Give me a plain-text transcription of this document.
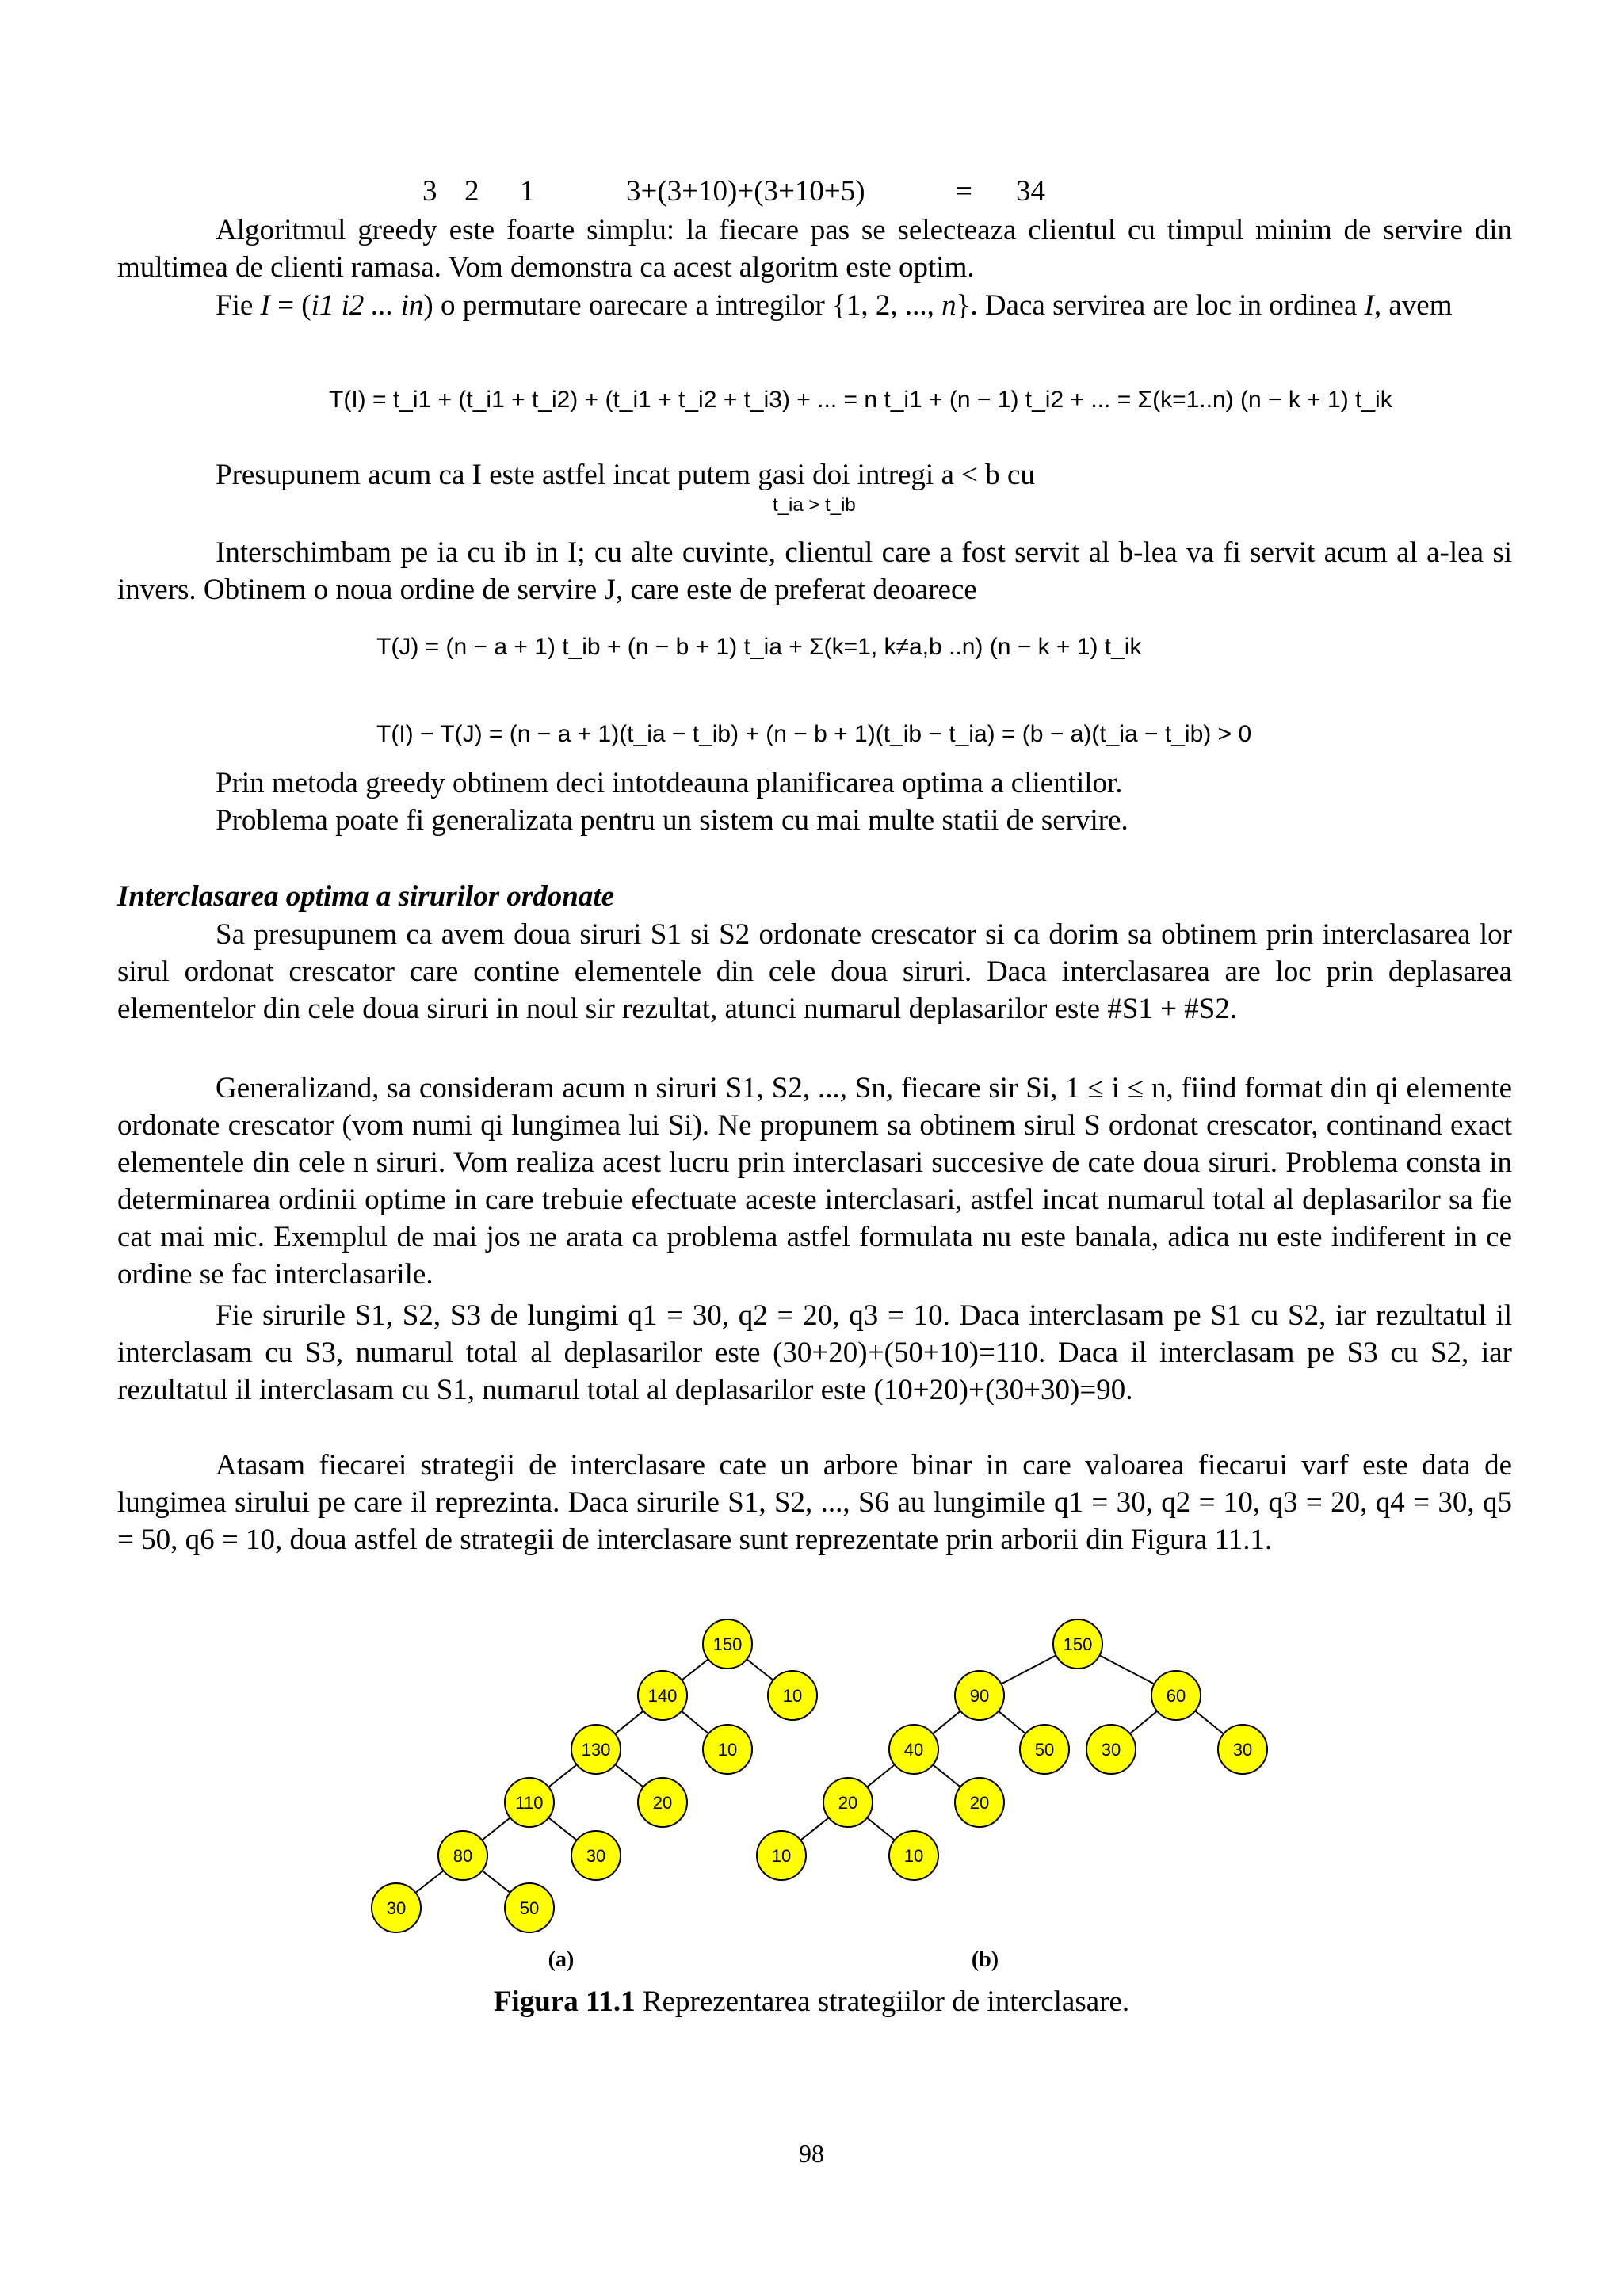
3 2 1	3+(3+10)+(3+10+5)	= 34

Algoritmul greedy este foarte simplu: la fiecare pas se selecteaza clientul cu timpul minim de servire din multimea de clienti ramasa. Vom demonstra ca acest algoritm este optim.

Fie I = (i1 i2 ... in) o permutare oarecare a intregilor {1, 2, ..., n}. Daca servirea are loc in ordinea I, avem

T(I) = t_i1 + (t_i1 + t_i2) + (t_i1 + t_i2 + t_i3) + ... = n t_i1 + (n − 1) t_i2 + ... = Σ(k=1..n) (n − k + 1) t_ik

Presupunem acum ca I este astfel incat putem gasi doi intregi a < b cu

t_ia > t_ib

Interschimbam pe ia cu ib in I; cu alte cuvinte, clientul care a fost servit al b-lea va fi servit acum al a-lea si invers. Obtinem o noua ordine de servire J, care este de preferat deoarece

T(J) = (n − a + 1) t_ib + (n − b + 1) t_ia + Σ(k=1, k≠a,b ..n) (n − k + 1) t_ik
T(I) − T(J) = (n − a + 1)(t_ia − t_ib) + (n − b + 1)(t_ib − t_ia) = (b − a)(t_ia − t_ib) > 0

Prin metoda greedy obtinem deci intotdeauna planificarea optima a clientilor.

Problema poate fi generalizata pentru un sistem cu mai multe statii de servire.

Interclasarea optima a sirurilor ordonate

Sa presupunem ca avem doua siruri S1 si S2 ordonate crescator si ca dorim sa obtinem prin interclasarea lor sirul ordonat crescator care contine elementele din cele doua siruri. Daca interclasarea are loc prin deplasarea elementelor din cele doua siruri in noul sir rezultat, atunci numarul deplasarilor este #S1 + #S2.

Generalizand, sa consideram acum n siruri S1, S2, ..., Sn, fiecare sir Si, 1 ≤ i ≤ n, fiind format din qi elemente ordonate crescator (vom numi qi lungimea lui Si). Ne propunem sa obtinem sirul S ordonat crescator, continand exact elementele din cele n siruri. Vom realiza acest lucru prin interclasari succesive de cate doua siruri. Problema consta in determinarea ordinii optime in care trebuie efectuate aceste interclasari, astfel incat numarul total al deplasarilor sa fie cat mai mic. Exemplul de mai jos ne arata ca problema astfel formulata nu este banala, adica nu este indiferent in ce ordine se fac interclasarile.

Fie sirurile S1, S2, S3 de lungimi q1 = 30, q2 = 20, q3 = 10. Daca interclasam pe S1 cu S2, iar rezultatul il interclasam cu S3, numarul total al deplasarilor este (30+20)+(50+10)=110. Daca il interclasam pe S3 cu S2, iar rezultatul il interclasam cu S1, numarul total al deplasarilor este (10+20)+(30+30)=90.

Atasam fiecarei strategii de interclasare cate un arbore binar in care valoarea fiecarui varf este data de lungimea sirului pe care il reprezinta. Daca sirurile S1, S2, ..., S6 au lungimile q1 = 30, q2 = 10, q3 = 20, q4 = 30, q5 = 50, q6 = 10, doua astfel de strategii de interclasare sunt reprezentate prin arborii din Figura 11.1.

150
140	10
130	10
110	20
80	30
30	50
150
90	60
40	50	30	30
20	20
10	10
(a)	(b)
Figura 11.1 Reprezentarea strategiilor de interclasare.
98
